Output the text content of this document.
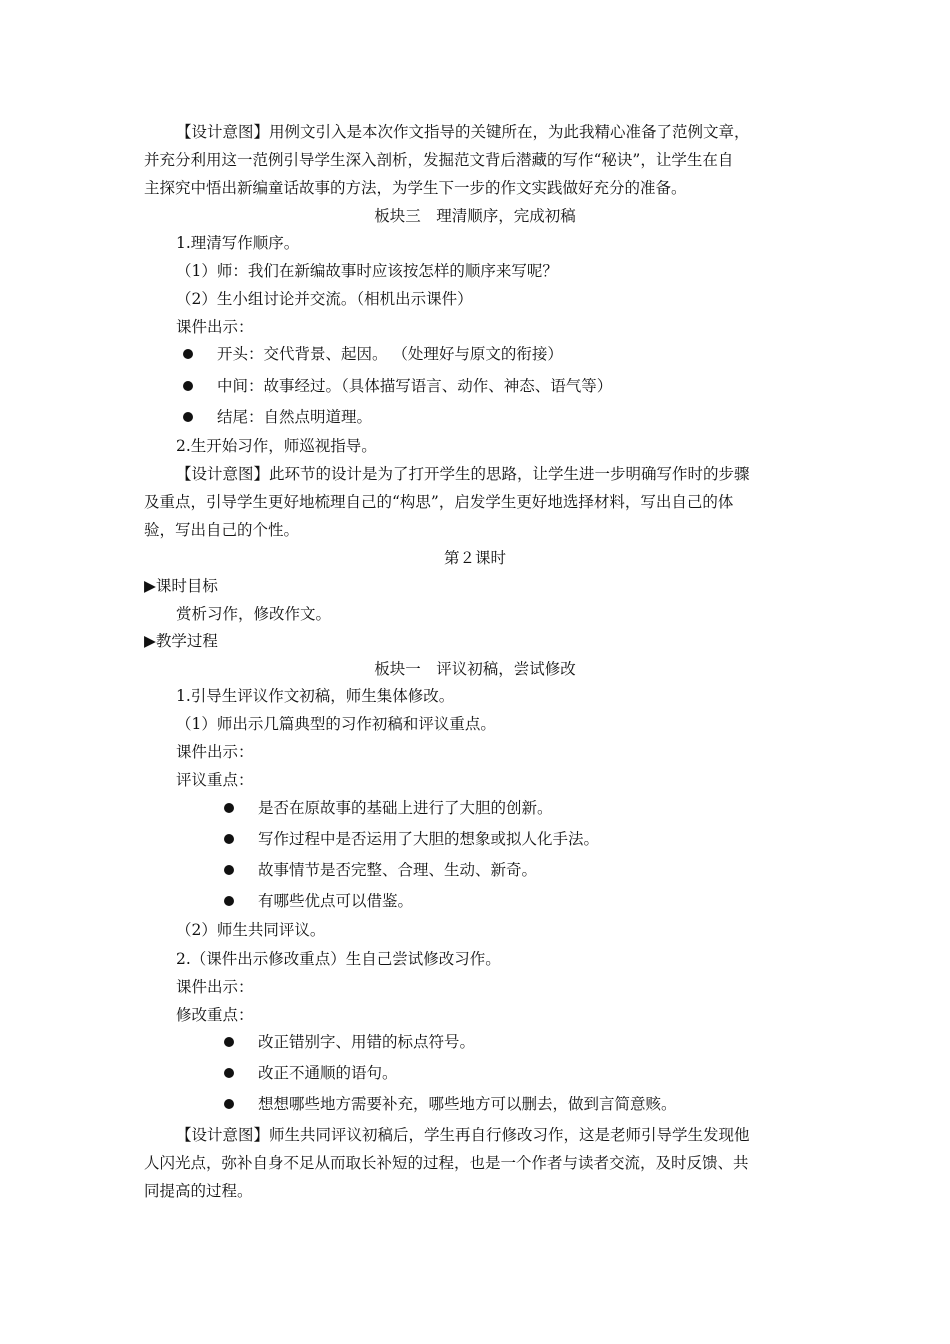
【设计意图】用例文引入是本次作文指导的关键所在，为此我精心准备了范例文章，
并充分利用这一范例引导学生深入剖析，发掘范文背后潜藏的写作“秘诀”，让学生在自
主探究中悟出新编童话故事的方法，为学生下一步的作文实践做好充分的准备。
板块三　理清顺序，完成初稿
1.理清写作顺序。
（1）师：我们在新编故事时应该按怎样的顺序来写呢？
（2）生小组讨论并交流。（相机出示课件）
课件出示：
开头：交代背景、起因。 （处理好与原文的衔接）
中间：故事经过。（具体描写语言、动作、神态、语气等）
结尾：自然点明道理。
2.生开始习作，师巡视指导。
【设计意图】此环节的设计是为了打开学生的思路，让学生进一步明确写作时的步骤
及重点，引导学生更好地梳理自己的“构思”，启发学生更好地选择材料，写出自己的体
验，写出自己的个性。
第２课时
▶课时目标
赏析习作，修改作文。
▶教学过程
板块一　评议初稿，尝试修改
1.引导生评议作文初稿，师生集体修改。
（1）师出示几篇典型的习作初稿和评议重点。
课件出示：
评议重点：
是否在原故事的基础上进行了大胆的创新。
写作过程中是否运用了大胆的想象或拟人化手法。
故事情节是否完整、合理、生动、新奇。
有哪些优点可以借鉴。
（2）师生共同评议。
2.（课件出示修改重点）生自己尝试修改习作。
课件出示：
修改重点：
改正错别字、用错的标点符号。
改正不通顺的语句。
想想哪些地方需要补充，哪些地方可以删去，做到言简意赅。
【设计意图】师生共同评议初稿后，学生再自行修改习作，这是老师引导学生发现他
人闪光点，弥补自身不足从而取长补短的过程，也是一个作者与读者交流，及时反馈、共
同提高的过程。
